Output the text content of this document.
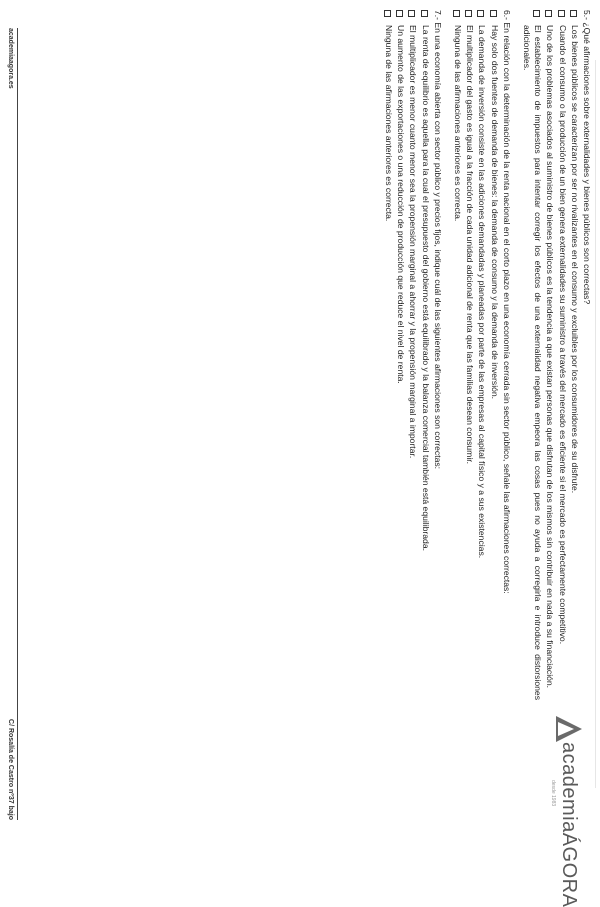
5.- ¿Qué afirmaciones sobre externalidades y bienes públicos son correctas?

Los bienes públicos se caracterizan por ser no rivalizantes en el consumo y excluibles por los consumidores de su disfrute.
Cuando el consumo o la producción de un bien genera externalidades su suministro a través del mercado es eficiente si el mercado es perfectamente competitivo.
Uno de los problemas asociados al suministro de bienes públicos es la tendencia a que existan personas que disfrutan de los mismos sin contribuir en nada a su financiación.
El establecimiento de impuestos para intentar corregir los efectos de una externalidad negativa empeora las cosas pues no ayuda a corregirla e introduce distorsiones adicionales.

6.- En relación con la determinación de la renta nacional en el corto plazo en una economía cerrada sin sector público, señale las afirmaciones correctas:

Hay solo dos fuentes de demanda de bienes: la demanda de consumo y la demanda de inversión.
La demanda de inversión consiste en las adiciones demandadas y planeadas por parte de las empresas al capital físico y a sus existencias.
El multiplicador del gasto es igual a la fracción de cada unidad adicional de renta que las familias desean consumir.
Ninguna de las afirmaciones anteriores es correcta.

7.- En una economía abierta con sector público y precios fijos, indique cuál de las siguientes afirmaciones son correctas:

La renta de equilibrio es aquella para la cual el presupuesto del gobierno está equilibrado y la balanza comercial también está equilibrada.
El multiplicador es menor cuanto menor sea la propensión marginal a ahorrar y la propensión marginal a importar.
Un aumento de las exportaciones o una reducción de producción que reduce el nivel de renta.
Ninguna de las afirmaciones anteriores es correcta.
academiaÁGORA
desde 1983
academiaagora.es
C/ Rosalía de Castro nº37 bajo
